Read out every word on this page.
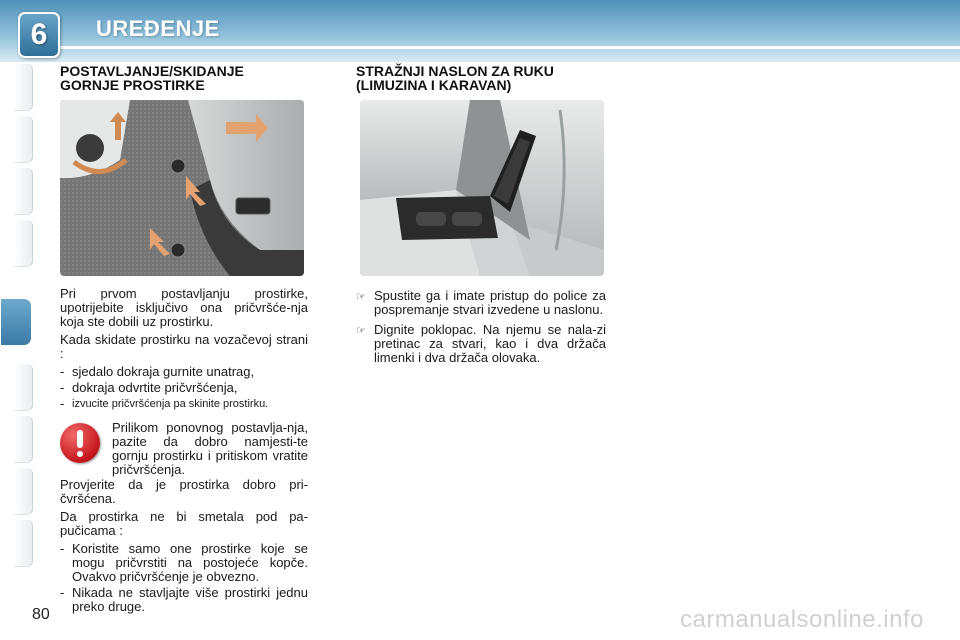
6 UREĐENJE
POSTAVLJANJE/SKIDANJE
GORNJE PROSTIRKE
STRAŽNJI NASLON ZA RUKU
(LIMUZINA I KARAVAN)

Pri prvom postavljanju prostirke, upotrijebite isključivo ona pričvršće-nja koja ste dobili uz prostirku.

Kada skidate prostirku na vozačevoj strani :

- sjedalo dokraja gurnite unatrag,
- dokraja odvrtite pričvršćenja,
- izvucite pričvršćenja pa skinite prostirku.
Prilikom ponovnog postavlja-nja, pazite da dobro namjesti-te gornju prostirku i pritiskom vratite pričvršćenja.

Provjerite da je prostirka dobro pri-čvršćena.

Da prostirka ne bi smetala pod pa-pučicama :

- Koristite samo one prostirke koje se mogu pričvrstiti na postojeće kopče. Ovakvo pričvršćenje je obvezno.
- Nikada ne stavljajte više prostirki jednu preko druge.
☞ Spustite ga i imate pristup do police za pospremanje stvari izvedene u naslonu.
☞ Dignite poklopac. Na njemu se nala-zi pretinac za stvari, kao i dva držača limenki i dva držača olovaka.
80	carmanualsonline.info
